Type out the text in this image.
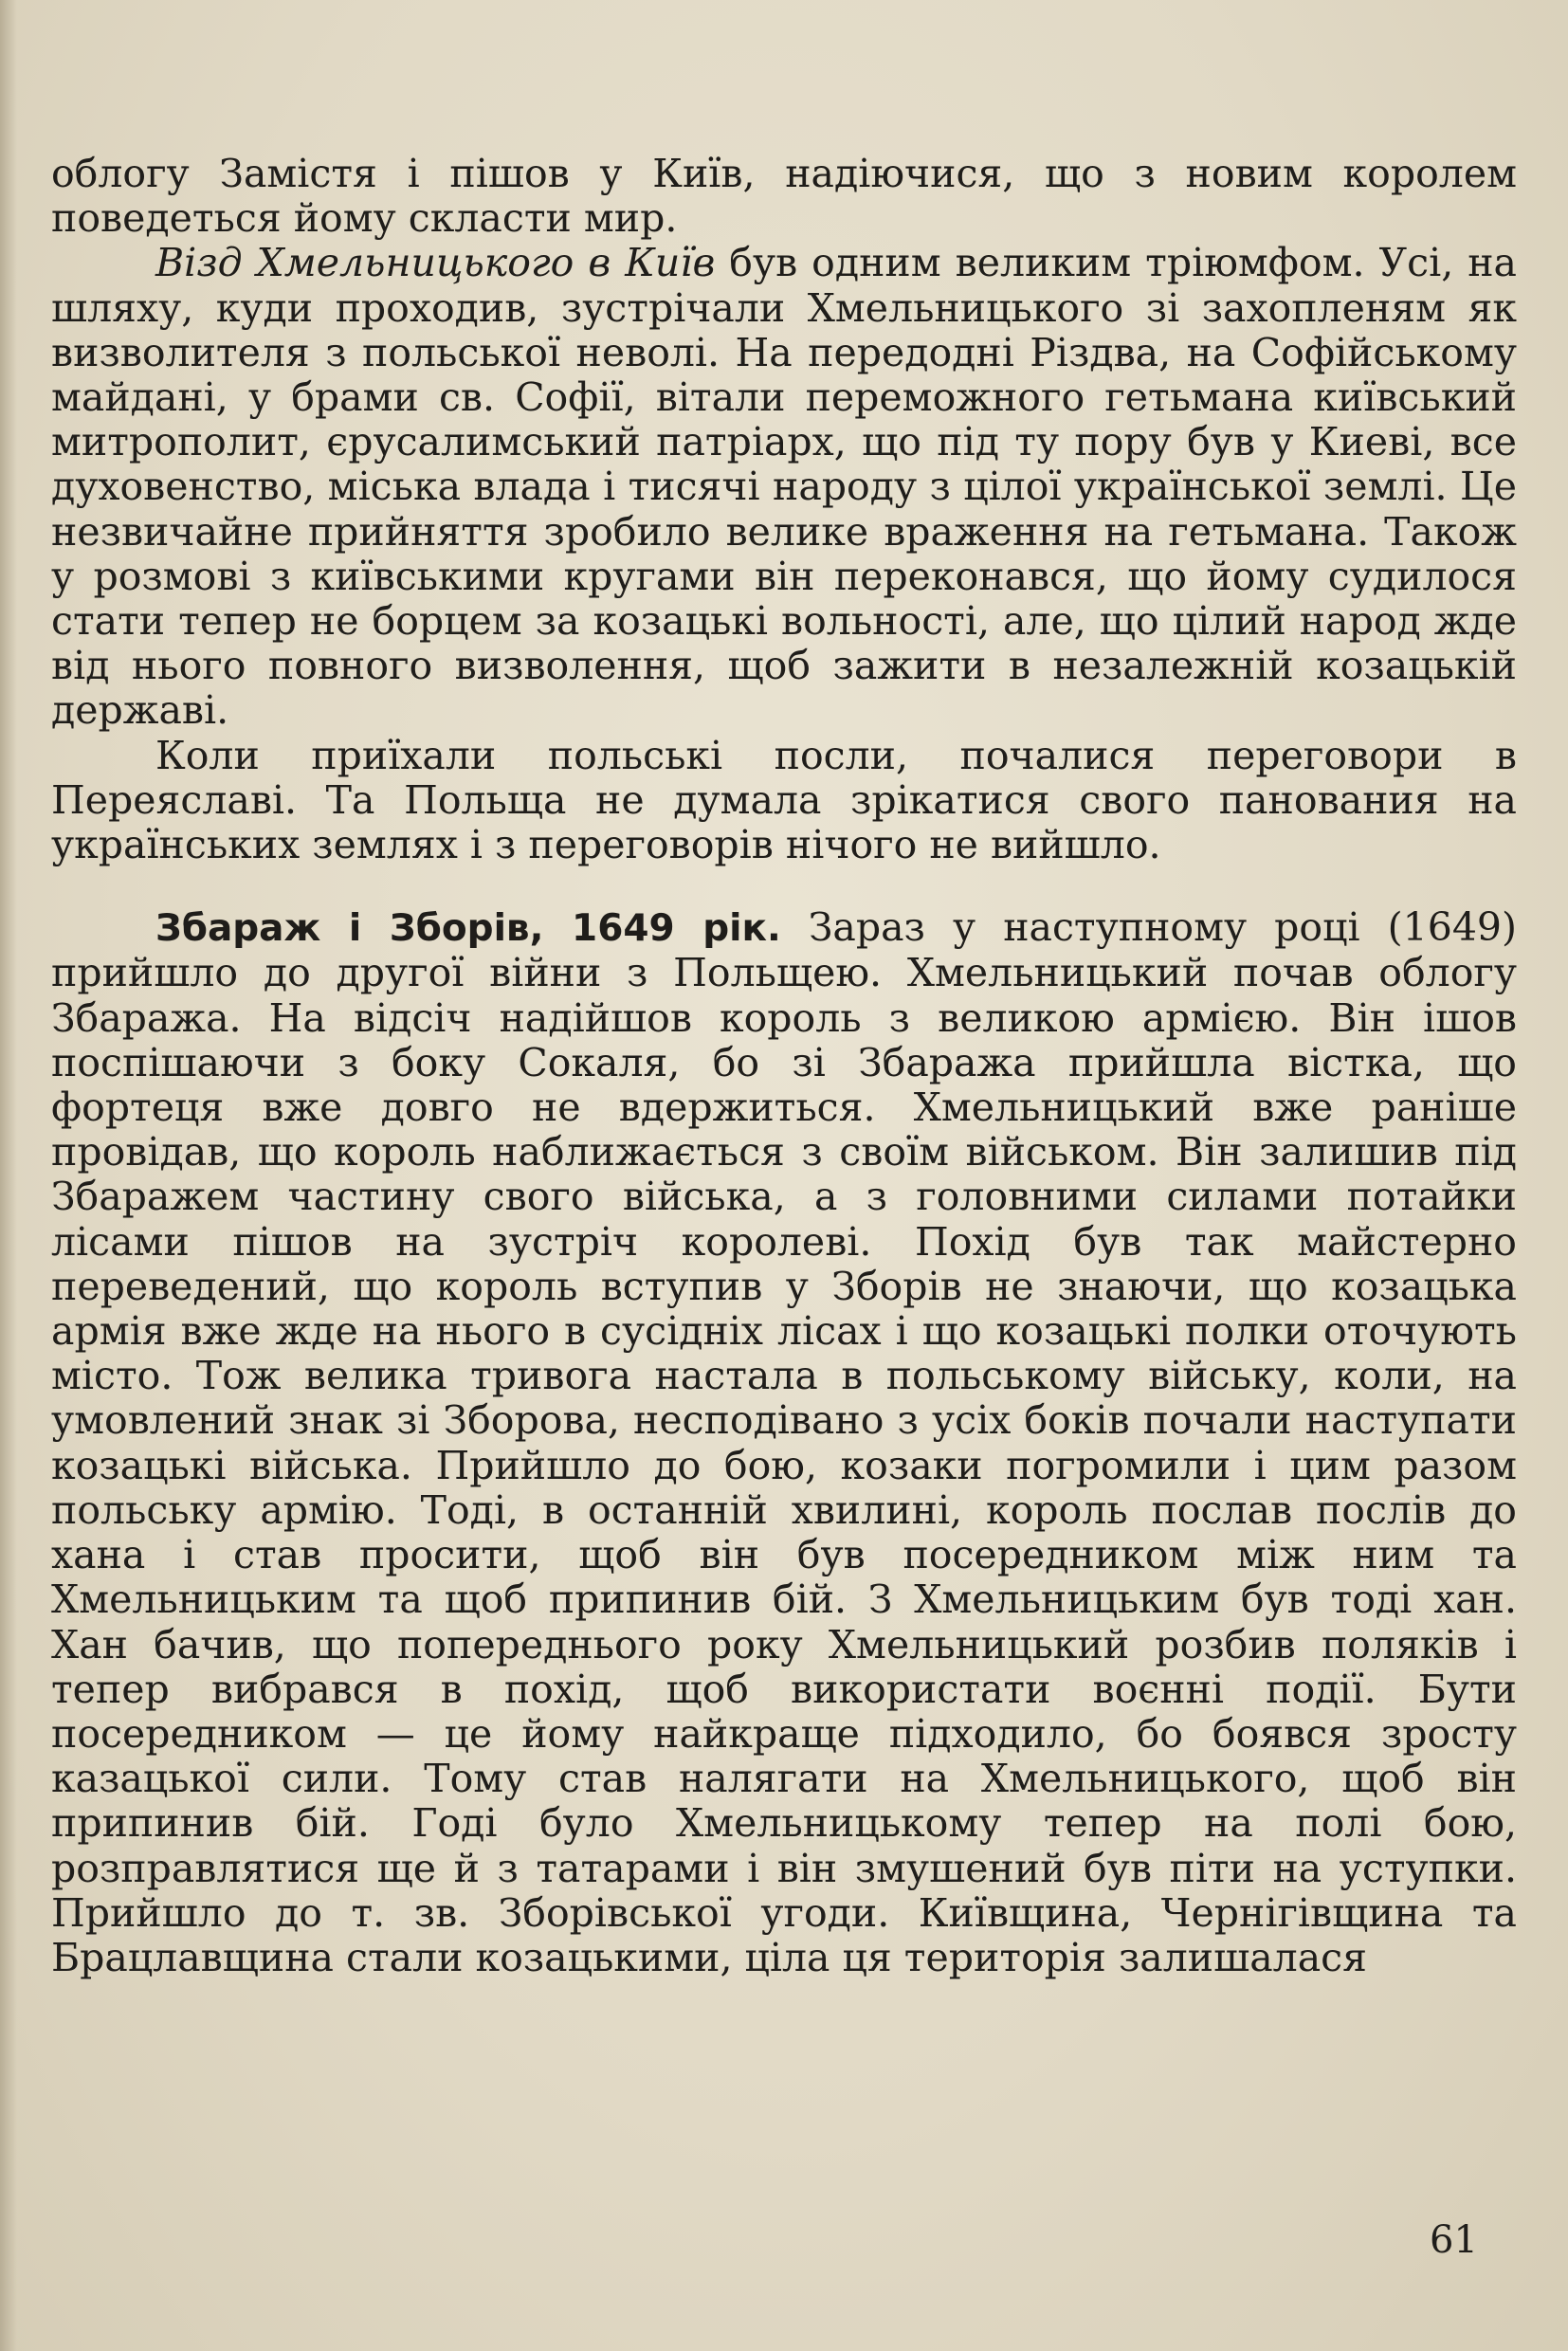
облогу Замістя і пішов у Київ, надіючися, що з новим королем поведеться йому скласти мир.

Візд Хмельницького в Київ був одним великим тріюмфом. Усі, на шляху, куди проходив, зустрічали Хмельницького зі захопленям як визволителя з польської неволі. На передодні Різдва, на Софійському майдані, у брами св. Софії, вітали переможного гетьмана київський митрополит, єрусалимський патріарх, що під ту пору був у Киеві, все духовенство, міська влада і тисячі народу з цілої української землі. Це незвичайне прийняття зробило велике враження на гетьмана. Також у розмові з київськими кругами він переконався, що йому судилося стати тепер не борцем за козацькі вольності, але, що цілий народ жде від нього повного визволення, щоб зажити в незалежній козацькій державі.

Коли приїхали польські посли, почалися переговори в Переяславі. Та Польща не думала зрікатися свого панования на українських землях і з переговорів нічого не вийшло.

Збараж і Зборів, 1649 рік. Зараз у наступному році (1649) прийшло до другої війни з Польщею. Хмельницький почав облогу Збаража. На відсіч надійшов король з великою армією. Він ішов поспішаючи з боку Сокаля, бо зі Збаража прийшла вістка, що фортеця вже довго не вдержиться. Хмельницький вже раніше провідав, що король наближається з своїм військом. Він залишив під Збаражем частину свого війська, а з головними силами потайки лісами пішов на зустріч королеві. Похід був так майстерно переведений, що король вступив у Зборів не знаючи, що козацька армія вже жде на нього в сусідніх лісах і що козацькі полки оточують місто. Тож велика тривога настала в польському війську, коли, на умовлений знак зі Зборова, несподівано з усіх боків почали наступати козацькі війська. Прийшло до бою, козаки погромили і цим разом польську армію. Тоді, в останній хвилині, король послав послів до хана і став просити, щоб він був посередником між ним та Хмельницьким та щоб припинив бій. З Хмельницьким був тоді хан. Хан бачив, що попереднього року Хмельницький розбив поляків і тепер вибрався в похід, щоб використати воєнні події. Бути посередником — це йому найкраще підходило, бо боявся зросту казацької сили. Тому став налягати на Хмельницького, щоб він припинив бій. Годі було Хмельницькому тепер на полі бою, розправлятися ще й з татарами і він змушений був піти на уступки. Прийшло до т. зв. Зборівської угоди. Київщина, Чернігівщина та Брацлавщина стали козацькими, ціла ця територія залишалася

61
